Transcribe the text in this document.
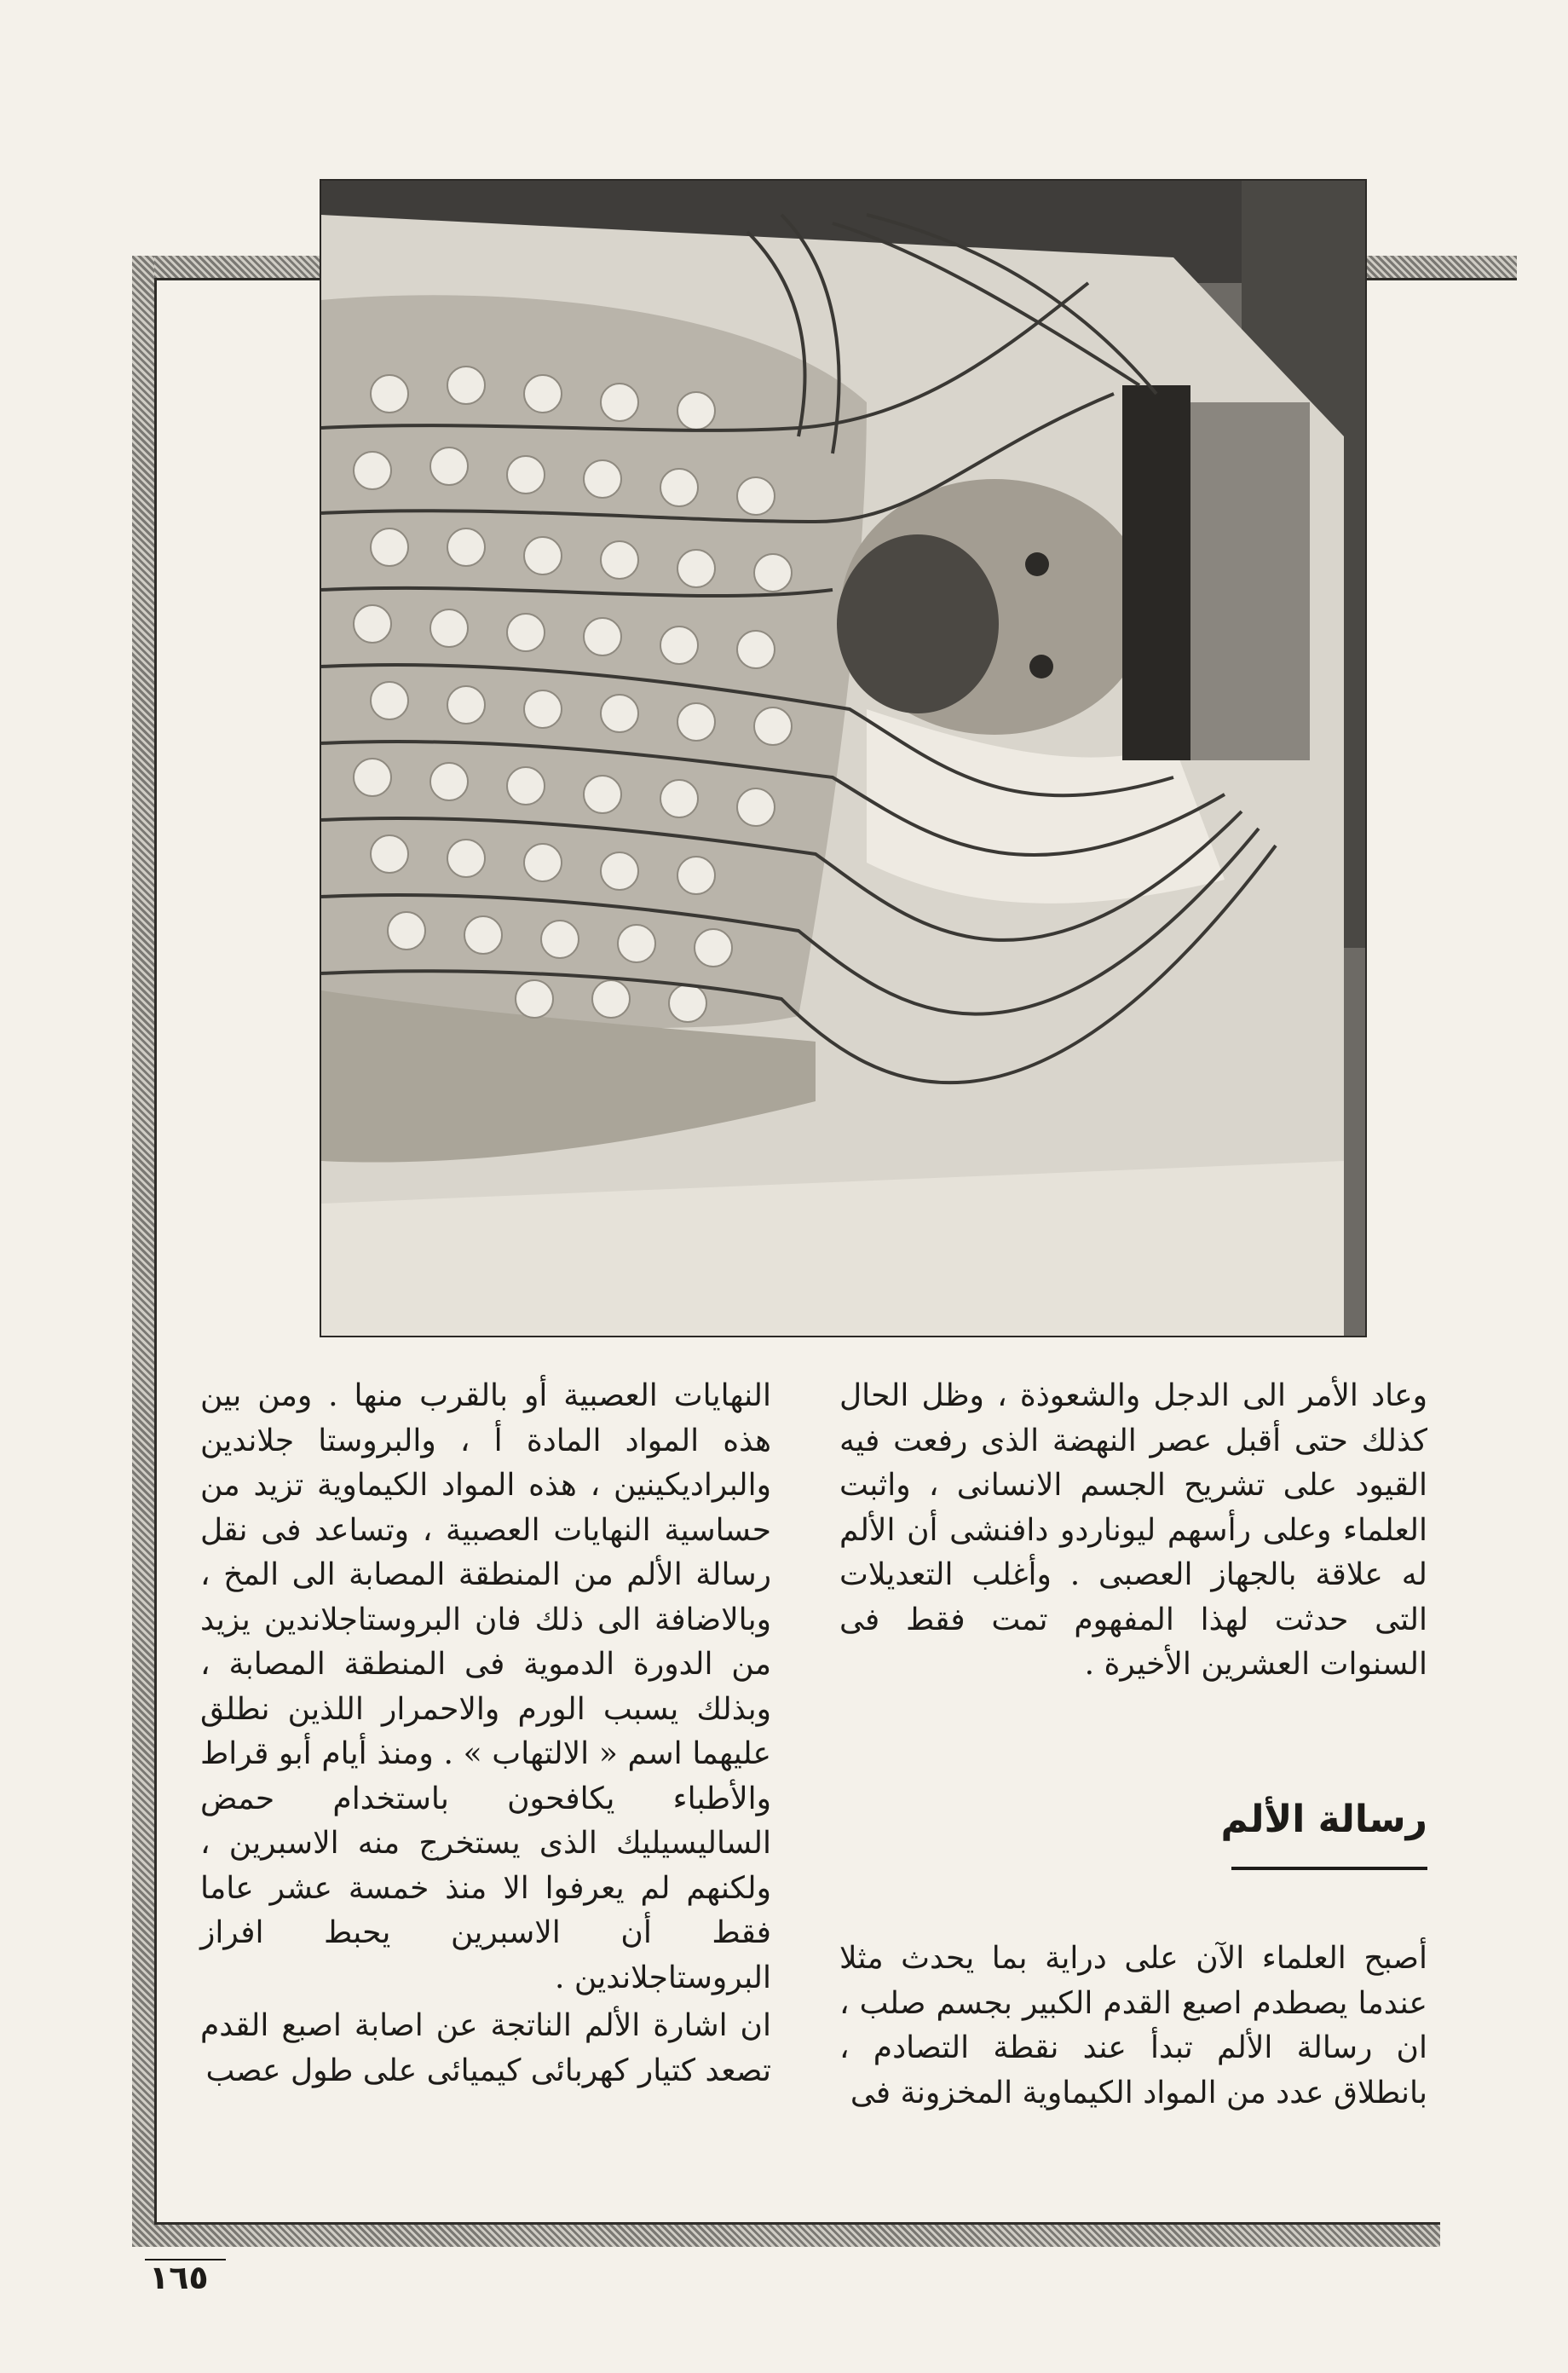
وعاد الأمر الى الدجل والشعوذة ، وظل الحال كذلك حتى أقبل عصر النهضة الذى رفعت فيه القيود على تشريح الجسم الانسانى ، واثبت العلماء وعلى رأسهم ليوناردو دافنشى أن الألم له علاقة بالجهاز العصبى . وأغلب التعديلات التى حدثت لهذا المفهوم تمت فقط فى السنوات العشرين الأخيرة .

رسالة الألم

أصبح العلماء الآن على دراية بما يحدث مثلا عندما يصطدم اصبع القدم الكبير بجسم صلب ، ان رسالة الألم تبدأ عند نقطة التصادم ، بانطلاق عدد من المواد الكيماوية المخزونة فى

النهايات العصبية أو بالقرب منها . ومن بين هذه المواد المادة أ ، والبروستا جلاندين والبراديكينين ، هذه المواد الكيماوية تزيد من حساسية النهايات العصبية ، وتساعد فى نقل رسالة الألم من المنطقة المصابة الى المخ ، وبالاضافة الى ذلك فان البروستاجلاندين يزيد من الدورة الدموية فى المنطقة المصابة ، وبذلك يسبب الورم والاحمرار اللذين نطلق عليهما اسم « الالتهاب » . ومنذ أيام أبو قراط والأطباء يكافحون باستخدام حمض الساليسيليك الذى يستخرج منه الاسبرين ، ولكنهم لم يعرفوا الا منذ خمسة عشر عاما فقط أن الاسبرين يحبط افراز البروستاجلاندين .

ان اشارة الألم الناتجة عن اصابة اصبع القدم تصعد كتيار كهربائى كيميائى على طول عصب

١٦٥
